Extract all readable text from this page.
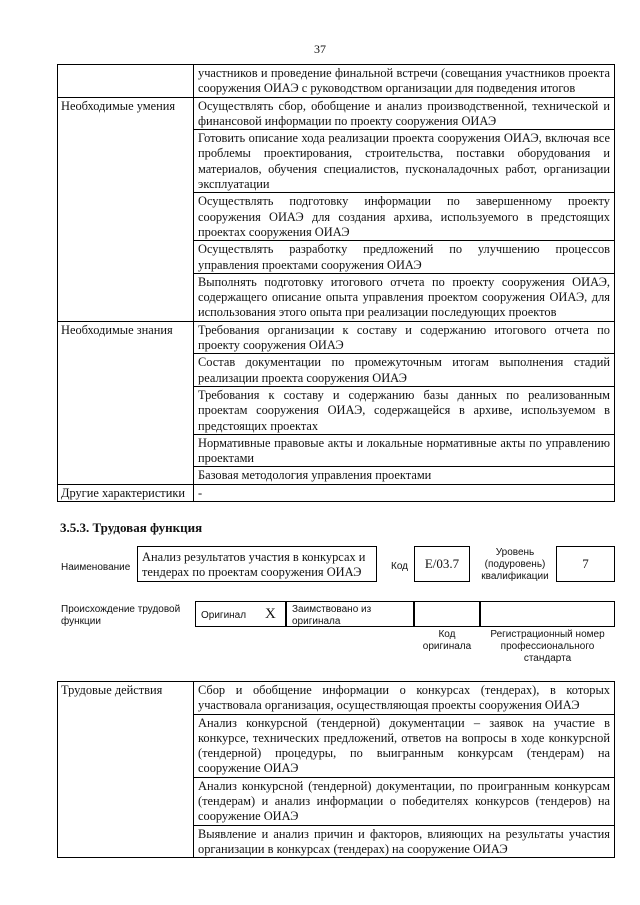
37
	участников и проведение финальной встречи (совещания участников проекта сооружения ОИАЭ с руководством организации для подведения итогов
Необходимые умения	Осуществлять сбор, обобщение и анализ производственной, технической и финансовой информации по проекту сооружения ОИАЭ
	Готовить описание хода реализации проекта сооружения ОИАЭ, включая все проблемы проектирования, строительства, поставки оборудования и материалов, обучения специалистов, пусконаладочных работ, организации эксплуатации
	Осуществлять подготовку информации по завершенному проекту сооружения ОИАЭ для создания архива, используемого в предстоящих проектах сооружения ОИАЭ
	Осуществлять разработку предложений по улучшению процессов управления проектами сооружения ОИАЭ
	Выполнять подготовку итогового отчета по проекту сооружения ОИАЭ, содержащего описание опыта управления проектом сооружения ОИАЭ, для использования этого опыта при реализации последующих проектов
Необходимые знания	Требования организации к составу и содержанию итогового отчета по проекту сооружения ОИАЭ
	Состав документации по промежуточным итогам выполнения стадий реализации проекта сооружения ОИАЭ
	Требования к составу и содержанию базы данных по реализованным проектам сооружения ОИАЭ, содержащейся в архиве, используемом в предстоящих проектах
	Нормативные правовые акты и локальные нормативные акты по управлению проектами
	Базовая методология управления проектами
Другие характеристики	-
3.5.3. Трудовая функция
Наименование
Анализ результатов участия в конкурсах и тендерах по проектам сооружения ОИАЭ	Код E/03.7
Уровень (подуровень) квалификации
7
Происхождение трудовой функции
Оригинал X Заимствовано из оригинала
Код оригинала
Регистрационный номер профессионального стандарта
Трудовые действия	Сбор и обобщение информации о конкурсах (тендерах), в которых участвовала организация, осуществляющая проекты сооружения ОИАЭ
Анализ конкурсной (тендерной) документации – заявок на участие в конкурсе, технических предложений, ответов на вопросы в ходе конкурсной (тендерной) процедуры, по выигранным конкурсам (тендерам) на сооружение ОИАЭ
Анализ конкурсной (тендерной) документации, по проигранным конкурсам (тендерам) и анализ информации о победителях конкурсов (тендеров) на сооружение ОИАЭ
Выявление и анализ причин и факторов, влияющих на результаты участия организации в конкурсах (тендерах) на сооружение ОИАЭ
